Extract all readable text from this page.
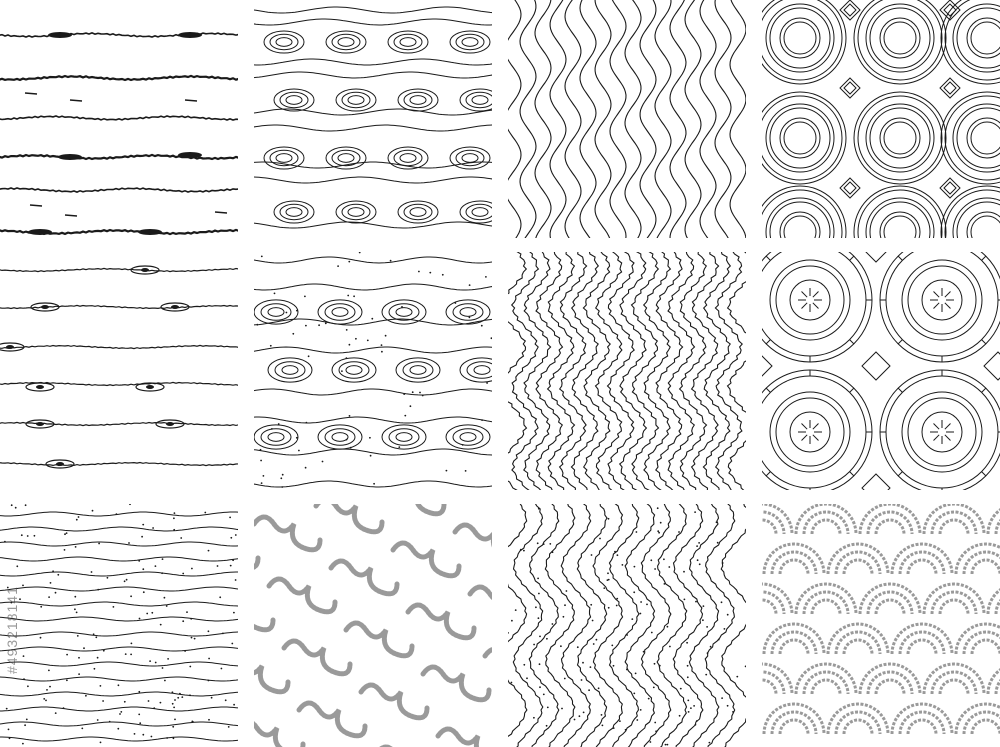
#493218141
